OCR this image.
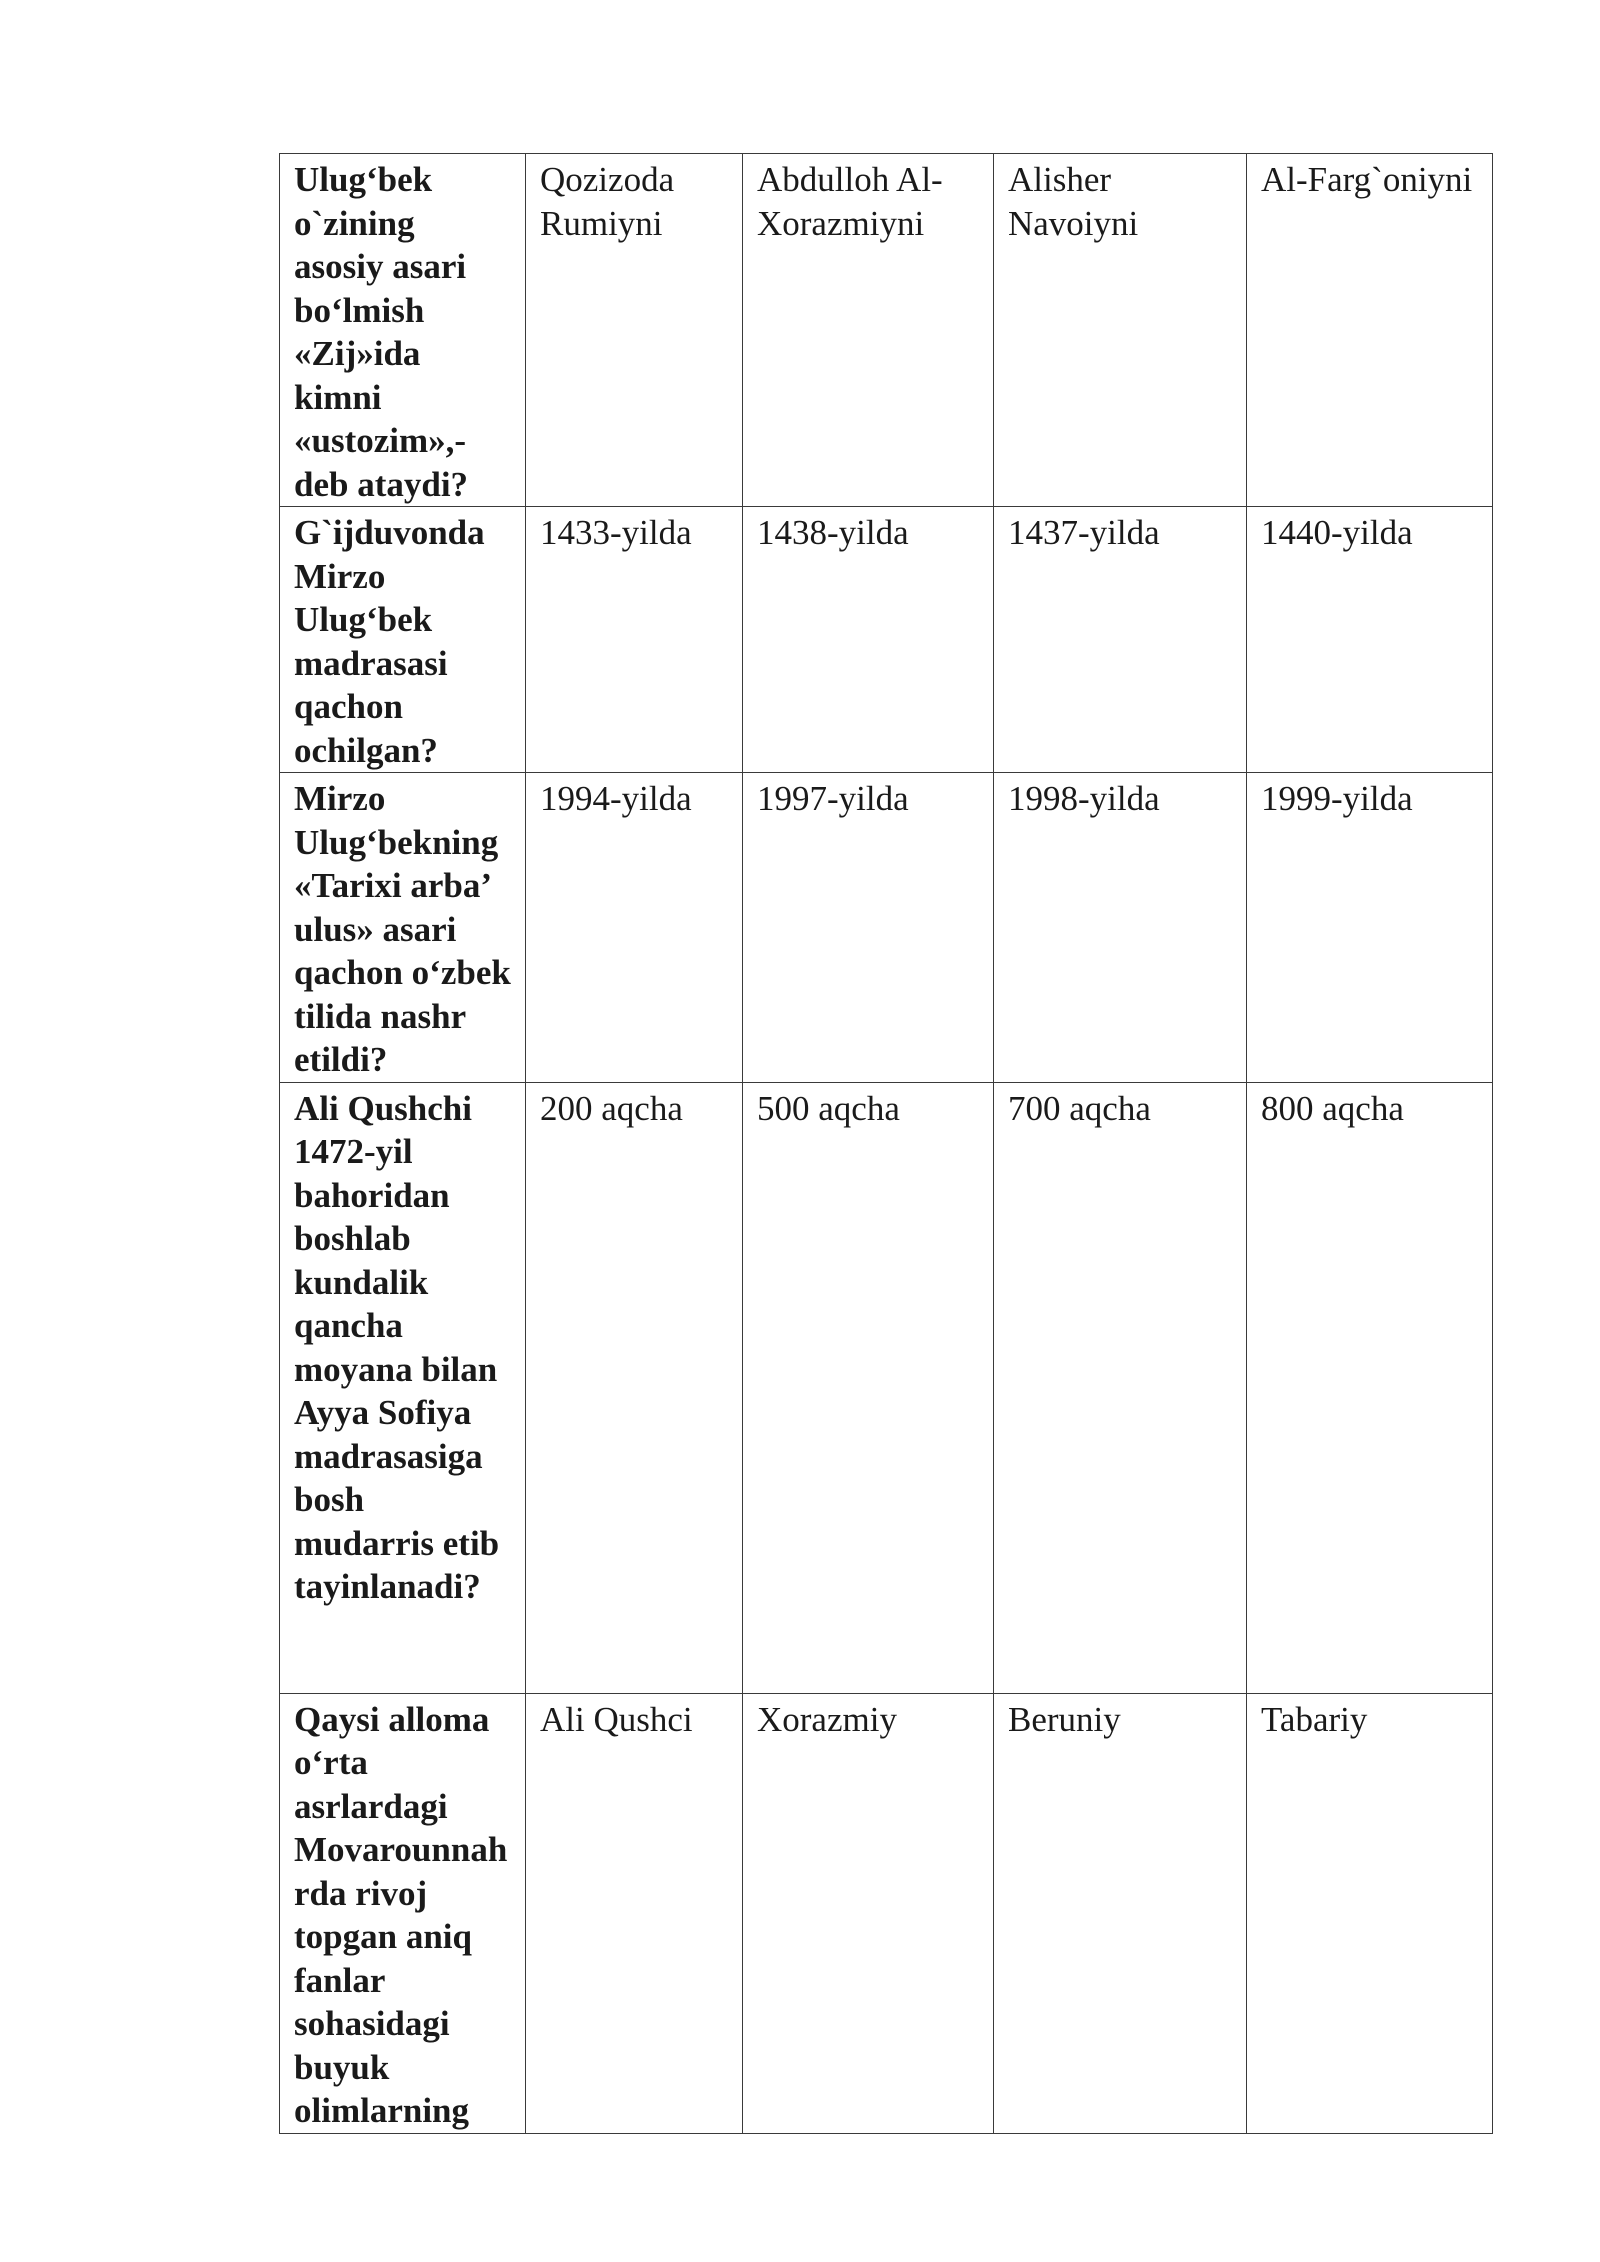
Ulug‘bek o`zining asosiy asari bo‘lmish «Zij»ida kimni «ustozim»,- deb ataydi?	Qozizoda Rumiyni	Abdulloh Al-Xorazmiyni	Alisher Navoiyni	Al-Farg`oniyni
G`ijduvonda Mirzo Ulug‘bek madrasasi qachon ochilgan?	1433-yilda	1438-yilda	1437-yilda	1440-yilda
Mirzo Ulug‘bekning «Tarixi arba’ ulus» asari qachon o‘zbek tilida nashr etildi?	1994-yilda	1997-yilda	1998-yilda	1999-yilda
Ali Qushchi 1472-yil bahoridan boshlab kundalik qancha moyana bilan Ayya Sofiya madrasasiga bosh mudarris etib tayinlanadi?	200 aqcha	500 aqcha	700 aqcha	800 aqcha
Qaysi alloma o‘rta asrlardagi Movarounnahrda rivoj topgan aniq fanlar sohasidagi buyuk olimlarning	Ali Qushci	Xorazmiy	Beruniy	Tabariy
